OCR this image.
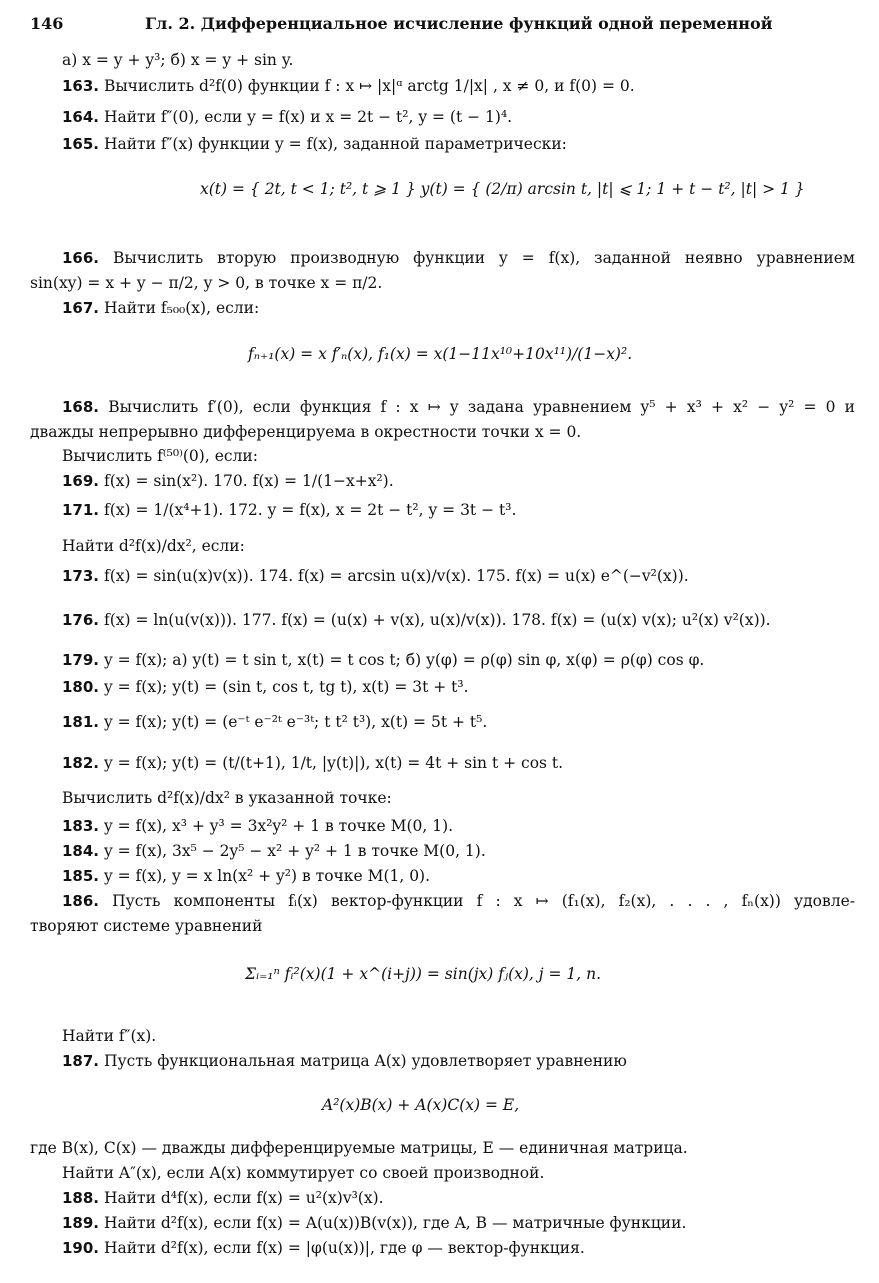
146	Гл. 2. Дифференциальное исчисление функций одной переменной
а) x = y + y³; б) x = y + sin y.
163. Вычислить d²f(0) функции f : x ↦ |x|ᵅ arctg 1/|x| , x ≠ 0, и f(0) = 0.
164. Найти f″(0), если y = f(x) и x = 2t − t², y = (t − 1)⁴.
165. Найти f″(x) функции y = f(x), заданной параметрически:
166. Вычислить вторую производную функции y = f(x), заданной неявно уравнением
sin(xy) = x + y − π/2, y > 0, в точке x = π/2.
167. Найти f₅₀₀(x), если:
168. Вычислить f′(0), если функция f : x ↦ y задана уравнением y⁵ + x³ + x² − y² = 0 и
дважды непрерывно дифференцируема в окрестности точки x = 0.
Вычислить f⁽⁵⁰⁾(0), если:
169. f(x) = sin(x²). 170. f(x) = 1/(1−x+x²).
171. f(x) = 1/(x⁴+1). 172. y = f(x), x = 2t − t², y = 3t − t³.
Найти d²f(x)/dx², если:
173. f(x) = sin(u(x)v(x)). 174. f(x) = arcsin u(x)/v(x). 175. f(x) = u(x) e^(−v²(x)).
176. f(x) = ln(u(v(x))). 177. f(x) = (u(x) + v(x), u(x)/v(x)). 178. f(x) = (u(x) v(x); u²(x) v²(x)).
179. y = f(x); а) y(t) = t sin t, x(t) = t cos t; б) y(φ) = ρ(φ) sin φ, x(φ) = ρ(φ) cos φ.
180. y = f(x); y(t) = (sin t, cos t, tg t), x(t) = 3t + t³.
181. y = f(x); y(t) = (e⁻ᵗ e⁻²ᵗ e⁻³ᵗ; t t² t³), x(t) = 5t + t⁵.
182. y = f(x); y(t) = (t/(t+1), 1/t, |y(t)|), x(t) = 4t + sin t + cos t.
Вычислить d²f(x)/dx² в указанной точке:
183. y = f(x), x³ + y³ = 3x²y² + 1 в точке M(0, 1).
184. y = f(x), 3x⁵ − 2y⁵ − x² + y² + 1 в точке M(0, 1).
185. y = f(x), y = x ln(x² + y²) в точке M(1, 0).
186. Пусть компоненты fᵢ(x) вектор-функции f : x ↦ (f₁(x), f₂(x), . . . , fₙ(x)) удовле-
творяют системе уравнений
Найти f″(x).
187. Пусть функциональная матрица A(x) удовлетворяет уравнению
где B(x), C(x) — дважды дифференцируемые матрицы, E — единичная матрица.
Найти A″(x), если A(x) коммутирует со своей производной.
188. Найти d⁴f(x), если f(x) = u²(x)v³(x).
189. Найти d²f(x), если f(x) = A(u(x))B(v(x)), где A, B — матричные функции.
190. Найти d²f(x), если f(x) = |φ(u(x))|, где φ — вектор-функция.
x(t) = { 2t, t < 1; t², t ⩾ 1 } y(t) = { (2/π) arcsin t, |t| ⩽ 1; 1 + t − t², |t| > 1 }
fₙ₊₁(x) = x f′ₙ(x), f₁(x) = x(1−11x¹⁰+10x¹¹)/(1−x)².
Σᵢ₌₁ⁿ fᵢ²(x)(1 + x^(i+j)) = sin(jx) fⱼ(x), j = 1, n.
A²(x)B(x) + A(x)C(x) = E,
